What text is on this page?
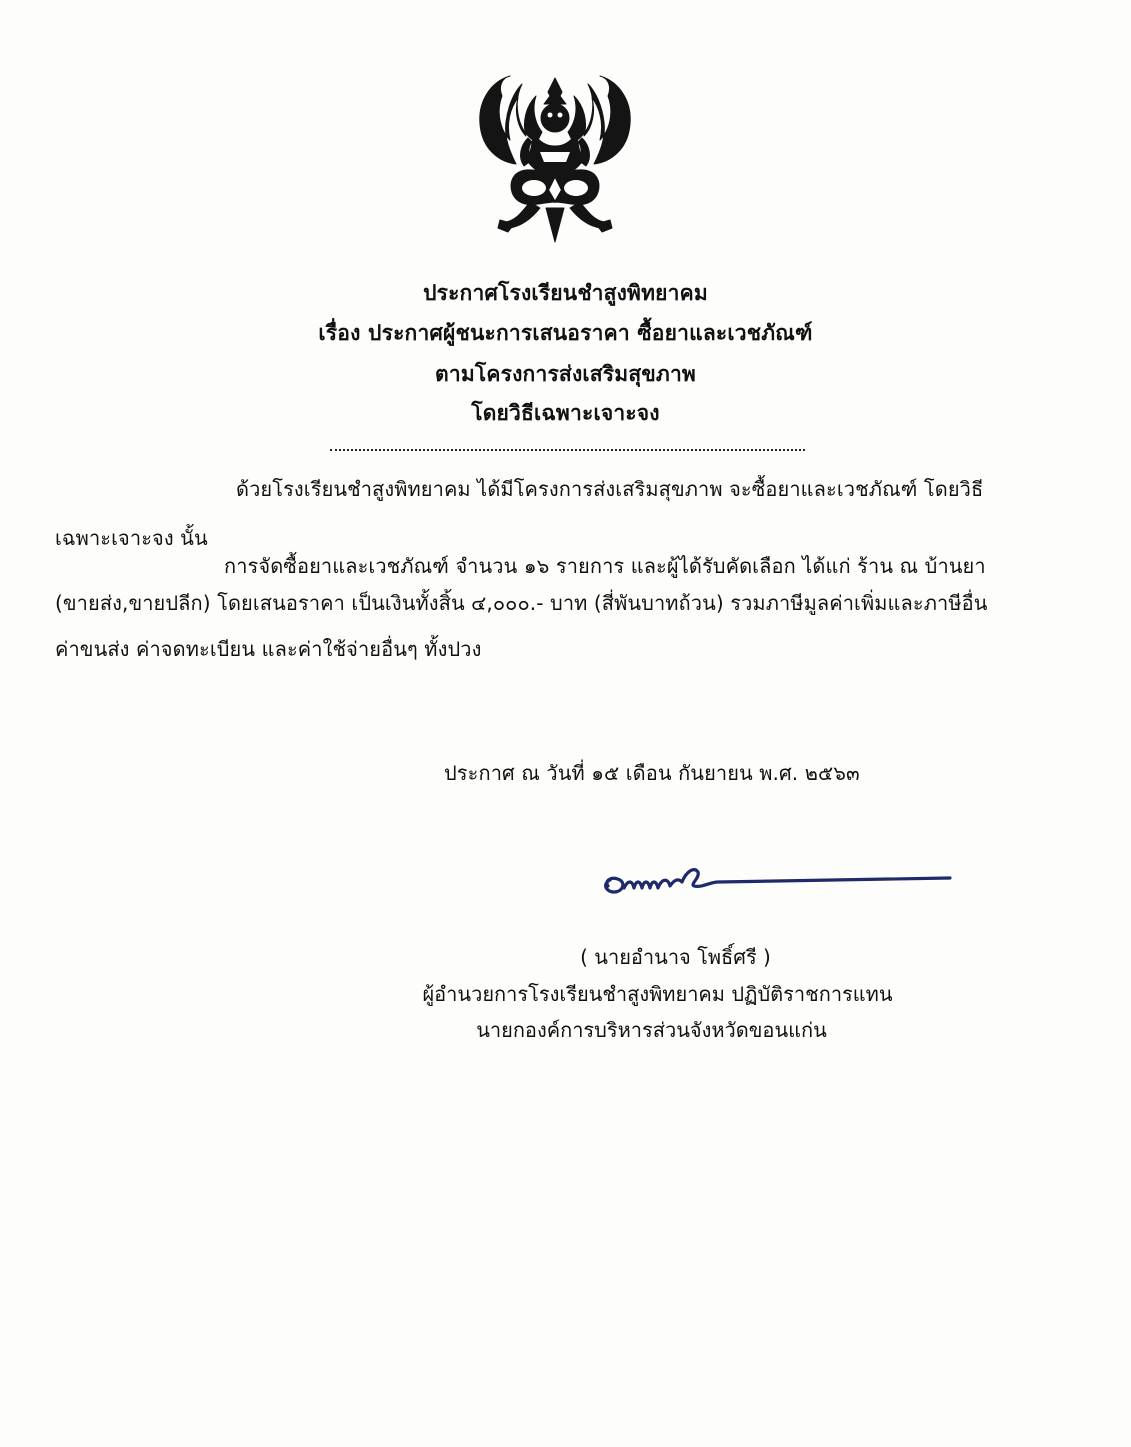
ประกาศโรงเรียนชำสูงพิทยาคม
เรื่อง ประกาศผู้ชนะการเสนอราคา ซื้อยาและเวชภัณฑ์
ตามโครงการส่งเสริมสุขภาพ
โดยวิธีเฉพาะเจาะจง
ด้วยโรงเรียนชำสูงพิทยาคม ได้มีโครงการส่งเสริมสุขภาพ จะซื้อยาและเวชภัณฑ์ โดยวิธี
เฉพาะเจาะจง นั้น
การจัดซื้อยาและเวชภัณฑ์ จำนวน ๑๖ รายการ และผู้ได้รับคัดเลือก ได้แก่ ร้าน ณ บ้านยา
(ขายส่ง,ขายปลีก) โดยเสนอราคา เป็นเงินทั้งสิ้น ๔,๐๐๐.- บาท (สี่พันบาทถ้วน) รวมภาษีมูลค่าเพิ่มและภาษีอื่น
ค่าขนส่ง ค่าจดทะเบียน และค่าใช้จ่ายอื่นๆ ทั้งปวง
ประกาศ ณ วันที่ ๑๕ เดือน กันยายน พ.ศ. ๒๕๖๓
( นายอำนาจ โพธิ์ศรี )
ผู้อำนวยการโรงเรียนชำสูงพิทยาคม ปฏิบัติราชการแทน
นายกองค์การบริหารส่วนจังหวัดขอนแก่น
